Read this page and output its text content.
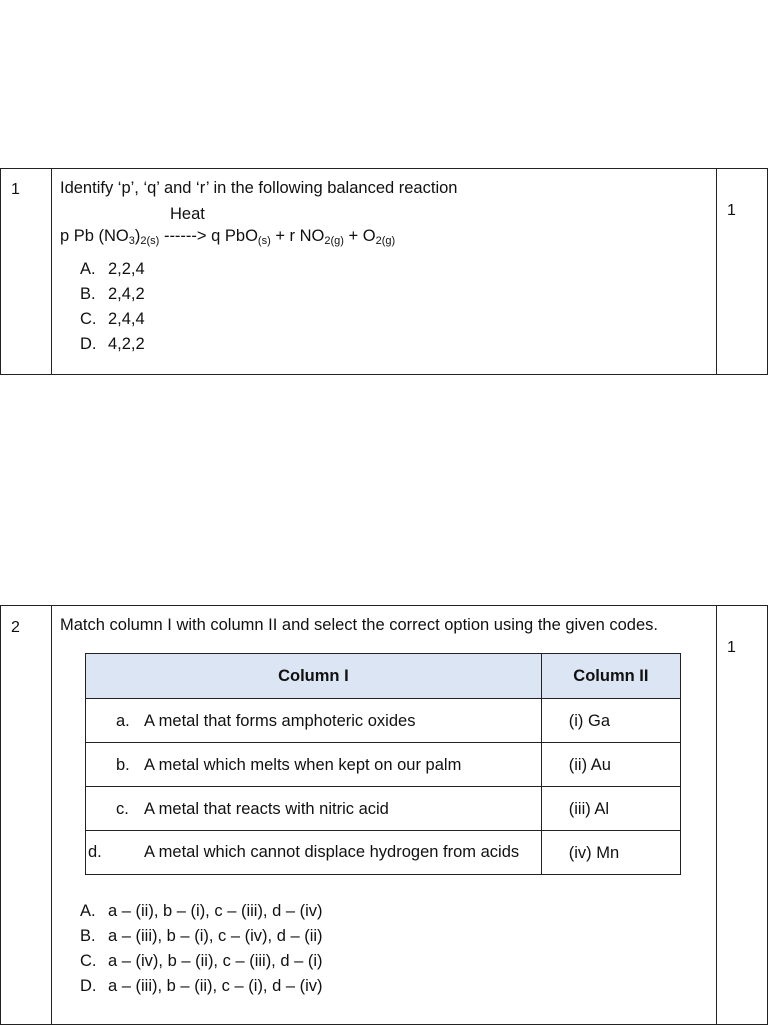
1	Identify ‘p’, ‘q’ and ‘r’ in the following balanced reaction

Heat
p Pb $(NO_3)_{2(s)}$ ------> q PbO$_{(s)}$ + r $NO_{2(g)} + O_{2(g)}$
A. 2,2,4
B. 2,4,2
C. 2,4,4
D. 4,2,2
	1
2	Match column I with column II and select the correct option using the given codes.

Column I	Column II
a. A metal that forms amphoteric oxides	(i) Ga
b. A metal which melts when kept on our palm	(ii) Au
c. A metal that reacts with nitric acid	(iii) Al
d.	A metal which cannot displace hydrogen from acids	(iv) Mn
A. a – (ii), b – (i), c – (iii), d – (iv)
B. a – (iii), b – (i), c – (iv), d – (ii)
C. a – (iv), b – (ii), c – (iii), d – (i)
D. a – (iii), b – (ii), c – (i), d – (iv)
	1
